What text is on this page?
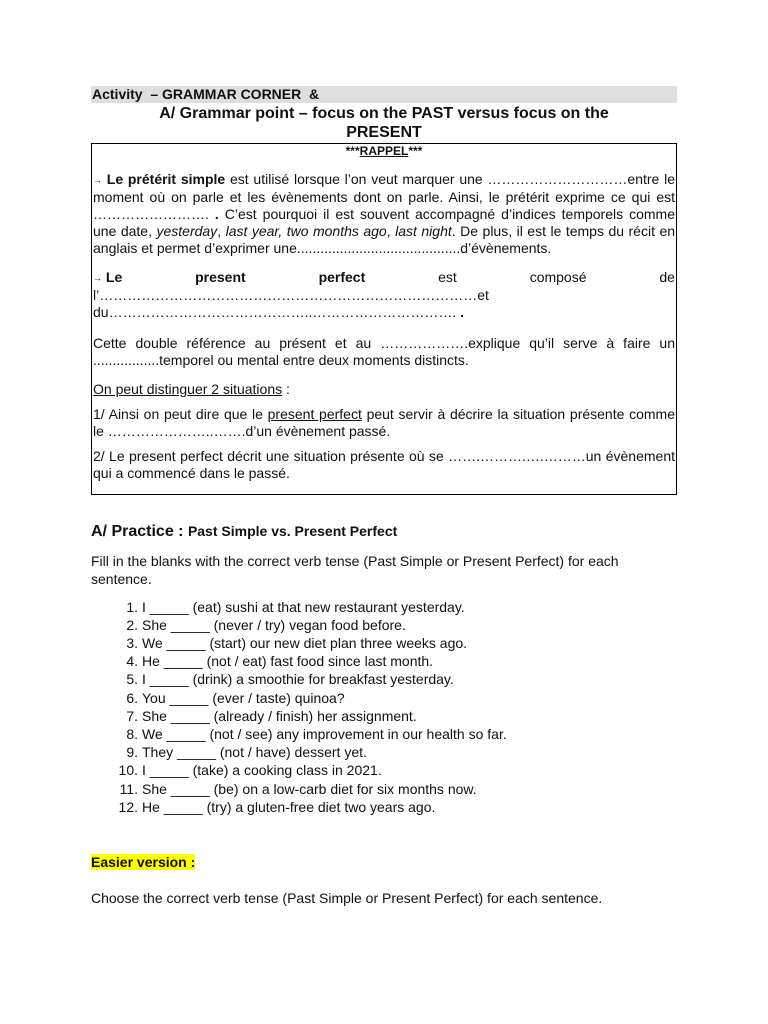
Activity  – GRAMMAR CORNER  &
A/ Grammar point – focus on the PAST versus focus on the PRESENT
***RAPPEL***

→ Le prétérit simple est utilisé lorsque l’on veut marquer une …………………………entre le moment où on parle et les évènements dont on parle. Ainsi, le prétérit exprime ce qui est ……………………. . C’est pourquoi il est souvent accompagné d’indices temporels comme une date, yesterday, last year, two months ago, last night. De plus, il est le temps du récit en anglais et permet d’exprimer une..........................................d’évènements.

→ Le	present	perfect	est	composé	de
l’………………………………………………………………………et
du……………………………………..…………………………. .

Cette double référence au présent et au ……………….explique qu’il serve à faire un .................temporel ou mental entre deux moments distincts.

On peut distinguer 2 situations :

1/ Ainsi on peut dire que le present perfect peut servir à décrire la situation présente comme le …………………..…….d’un évènement passé.

2/ Le present perfect décrit une situation présente où se …….……….….………un évènement qui a commencé dans le passé.

A/ Practice : Past Simple vs. Present Perfect
Fill in the blanks with the correct verb tense (Past Simple or Present Perfect) for each sentence.
1. I _____ (eat) sushi at that new restaurant yesterday.
2. She _____ (never / try) vegan food before.
3. We _____ (start) our new diet plan three weeks ago.
4. He _____ (not / eat) fast food since last month.
5. I _____ (drink) a smoothie for breakfast yesterday.
6. You _____ (ever / taste) quinoa?
7. She _____ (already / finish) her assignment.
8. We _____ (not / see) any improvement in our health so far.
9. They _____ (not / have) dessert yet.
10. I _____ (take) a cooking class in 2021.
11. She _____ (be) on a low-carb diet for six months now.
12. He _____ (try) a gluten-free diet two years ago.
Easier version :
Choose the correct verb tense (Past Simple or Present Perfect) for each sentence.
